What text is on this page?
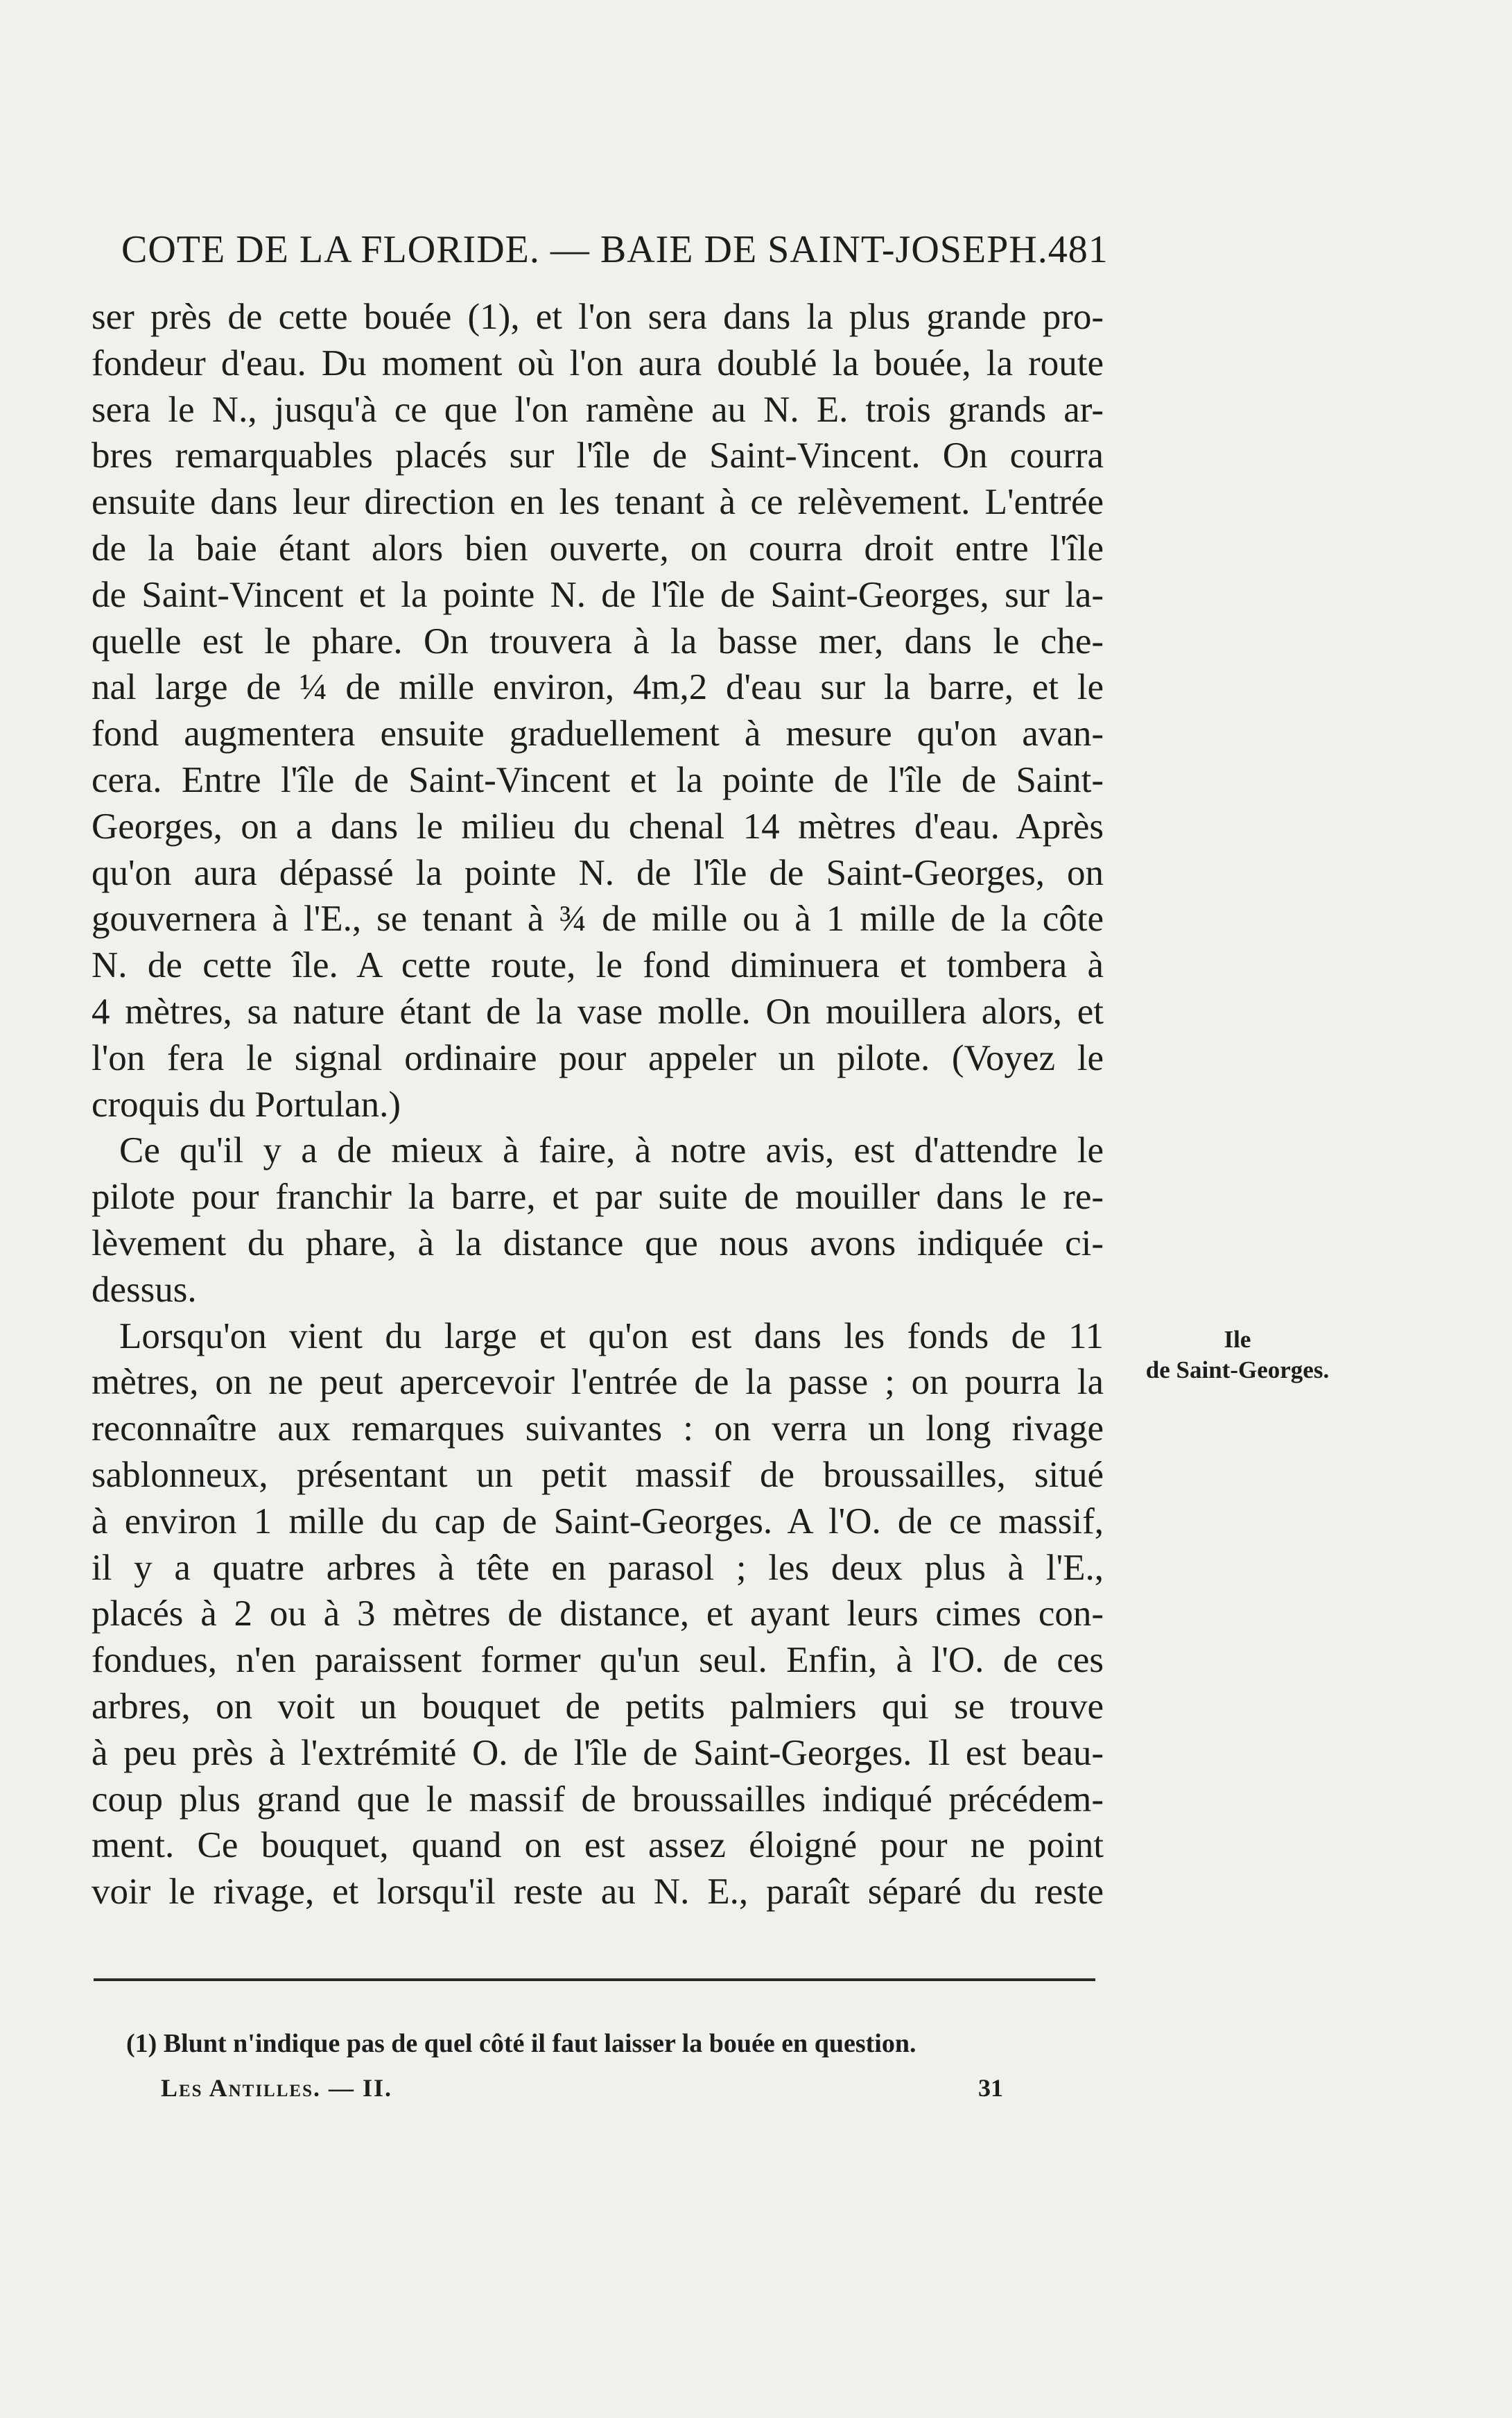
COTE DE LA FLORIDE. — BAIE DE SAINT-JOSEPH. 481

ser près de cette bouée (1), et l'on sera dans la plus grande pro-
fondeur d'eau. Du moment où l'on aura doublé la bouée, la route
sera le N., jusqu'à ce que l'on ramène au N. E. trois grands ar-
bres remarquables placés sur l'île de Saint-Vincent. On courra
ensuite dans leur direction en les tenant à ce relèvement. L'entrée
de la baie étant alors bien ouverte, on courra droit entre l'île
de Saint-Vincent et la pointe N. de l'île de Saint-Georges, sur la-
quelle est le phare. On trouvera à la basse mer, dans le che-
nal large de ¼ de mille environ, 4m,2 d'eau sur la barre, et le
fond augmentera ensuite graduellement à mesure qu'on avan-
cera. Entre l'île de Saint-Vincent et la pointe de l'île de Saint-
Georges, on a dans le milieu du chenal 14 mètres d'eau. Après
qu'on aura dépassé la pointe N. de l'île de Saint-Georges, on
gouvernera à l'E., se tenant à ¾ de mille ou à 1 mille de la côte
N. de cette île. A cette route, le fond diminuera et tombera à
4 mètres, sa nature étant de la vase molle. On mouillera alors, et
l'on fera le signal ordinaire pour appeler un pilote. (Voyez le
croquis du Portulan.)

Ce qu'il y a de mieux à faire, à notre avis, est d'attendre le
pilote pour franchir la barre, et par suite de mouiller dans le re-
lèvement du phare, à la distance que nous avons indiquée ci-
dessus.

Lorsqu'on vient du large et qu'on est dans les fonds de 11
mètres, on ne peut apercevoir l'entrée de la passe ; on pourra la
reconnaître aux remarques suivantes : on verra un long rivage
sablonneux, présentant un petit massif de broussailles, situé
à environ 1 mille du cap de Saint-Georges. A l'O. de ce massif,
il y a quatre arbres à tête en parasol ; les deux plus à l'E.,
placés à 2 ou à 3 mètres de distance, et ayant leurs cimes con-
fondues, n'en paraissent former qu'un seul. Enfin, à l'O. de ces
arbres, on voit un bouquet de petits palmiers qui se trouve
à peu près à l'extrémité O. de l'île de Saint-Georges. Il est beau-
coup plus grand que le massif de broussailles indiqué précédem-
ment. Ce bouquet, quand on est assez éloigné pour ne point
voir le rivage, et lorsqu'il reste au N. E., paraît séparé du reste

Ile
de Saint-Georges.
(1) Blunt n'indique pas de quel côté il faut laisser la bouée en question.
Les Antilles. — II.	31
